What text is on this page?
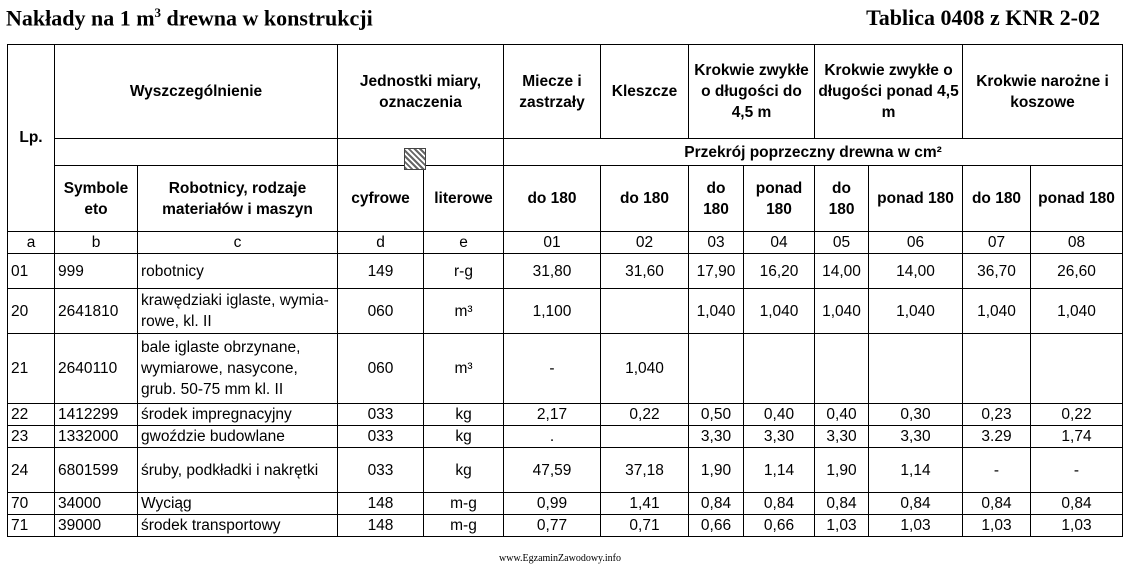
Nakłady na 1 $m^3$ drewna w konstrukcji	Tablica 0408 z KNR 2-02
Lp.	Wyszczególnienie		Jednostki miary, oznaczenia		Miecze i zastrzały	Kleszcze	Krokwie zwykłe o długości do 4,5 m		Krokwie zwykłe o długości ponad 4,5 m		Krokwie narożne i koszowe	
					Przekrój poprzeczny drewna w cm²							
	Symbole eto	Robotnicy, rodzaje materiałów i maszyn	cyfrowe	literowe	do 180	do 180	do 180	ponad 180	do 180	ponad 180	do 180	ponad 180
a	b	c	d	e	01	02	03	04	05	06	07	08
01	999	robotnicy	149	r-g	31,80	31,60	17,90	16,20	14,00	14,00	36,70	26,60
20	2641810	krawędziaki iglaste, wymia-rowe, kl. II	060	m³	1,100		1,040	1,040	1,040	1,040	1,040	1,040
21	2640110	bale iglaste obrzynane, wymiarowe, nasycone, grub. 50-75 mm kl. II	060	m³	-	1,040						
22	1412299	środek impregnacyjny	033	kg	2,17	0,22	0,50	0,40	0,40	0,30	0,23	0,22
23	1332000	gwoździe budowlane	033	kg	.		3,30	3,30	3,30	3,30	3.29	1,74
24	6801599	śruby, podkładki i nakrętki	033	kg	47,59	37,18	1,90	1,14	1,90	1,14	-	-
70	34000	Wyciąg	148	m-g	0,99	1,41	0,84	0,84	0,84	0,84	0,84	0,84
71	39000	środek transportowy	148	m-g	0,77	0,71	0,66	0,66	1,03	1,03	1,03	1,03
www.EgzaminZawodowy.info
